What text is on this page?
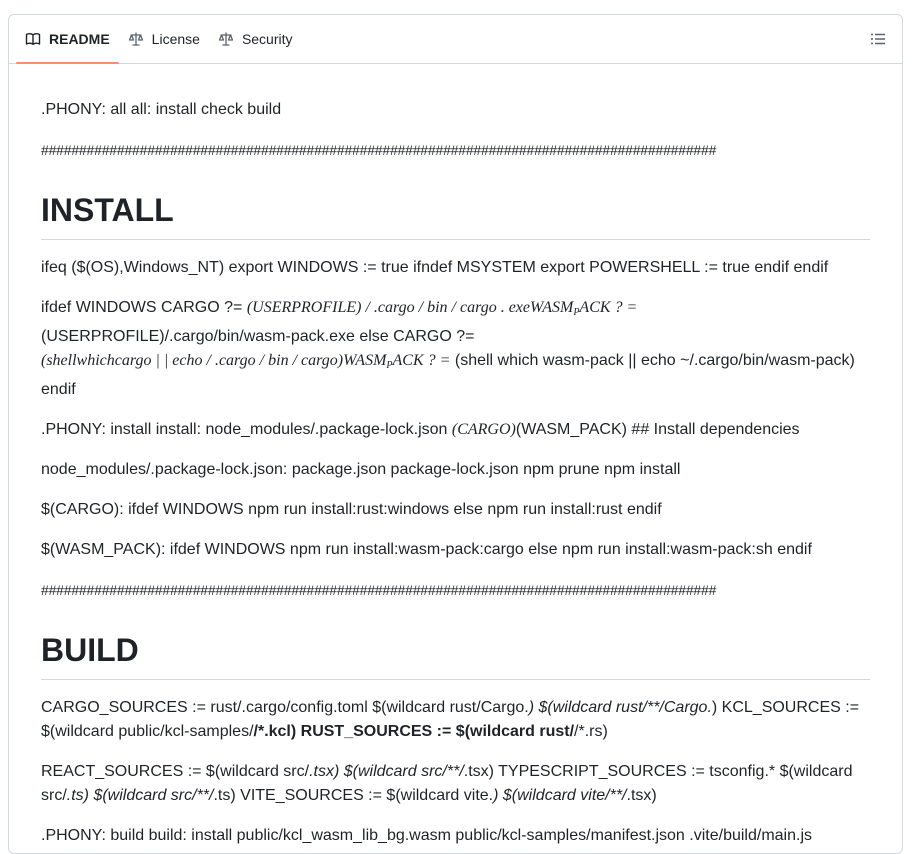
README	License	Security

.PHONY: all all: install check build

#########################################################################################

INSTALL

ifeq ($(OS),Windows_NT) export WINDOWS := true ifndef MSYSTEM export POWERSHELL := true endif endif

ifdef WINDOWS CARGO ?= (USERPROFILE) / .cargo / bin / cargo . exeWASM$_P$ACK ? =
(USERPROFILE)/.cargo/bin/wasm-pack.exe else CARGO ?=
(shellwhichcargo | | echo / .cargo / bin / $cargo)WASM_PACK$ ? = (shell which wasm-pack || echo ~/.cargo/bin/wasm-pack) endif

.PHONY: install install: node_modules/.package-lock.json (CARGO)(WASM_PACK) ## Install dependencies

node_modules/.package-lock.json: package.json package-lock.json npm prune npm install

$(CARGO): ifdef WINDOWS npm run install:rust:windows else npm run install:rust endif

$(WASM_PACK): ifdef WINDOWS npm run install:wasm-pack:cargo else npm run install:wasm-pack:sh endif

#########################################################################################

BUILD

CARGO_SOURCES := rust/.cargo/config.toml $(wildcard rust/Cargo.) $(wildcard rust/**/Cargo.) KCL_SOURCES := $(wildcard public/kcl-samples//*.kcl) RUST_SOURCES := $(wildcard rust//*.rs)

REACT_SOURCES := $(wildcard src/.tsx) $(wildcard src/**/.tsx) TYPESCRIPT_SOURCES := tsconfig.* $(wildcard src/.ts) $(wildcard src/**/.ts) VITE_SOURCES := $(wildcard vite.) $(wildcard vite/**/.tsx)

.PHONY: build build: install public/kcl_wasm_lib_bg.wasm public/kcl-samples/manifest.json .vite/build/main.js
